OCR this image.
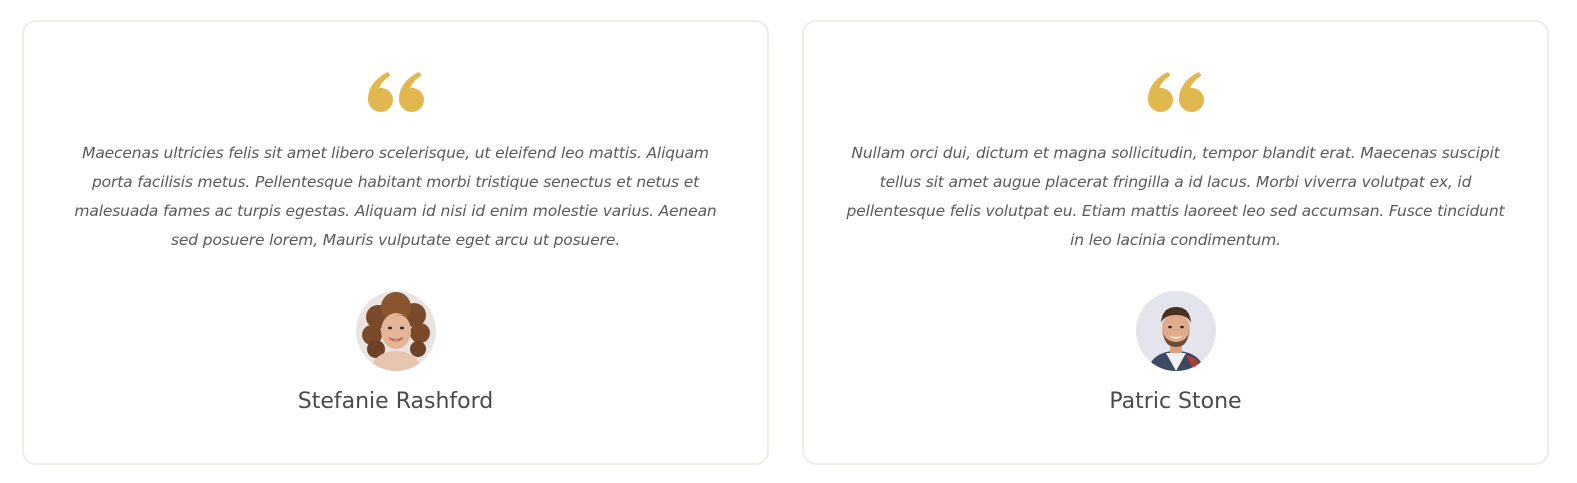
Maecenas ultricies felis sit amet libero scelerisque, ut eleifend leo mattis. Aliquam porta facilisis metus. Pellentesque habitant morbi tristique senectus et netus et malesuada fames ac turpis egestas. Aliquam id nisi id enim molestie varius. Aenean sed posuere lorem, Mauris vulputate eget arcu ut posuere.

Stefanie Rashford

Nullam orci dui, dictum et magna sollicitudin, tempor blandit erat. Maecenas suscipit tellus sit amet augue placerat fringilla a id lacus. Morbi viverra volutpat ex, id pellentesque felis volutpat eu. Etiam mattis laoreet leo sed accumsan. Fusce tincidunt in leo lacinia condimentum.

Patric Stone
